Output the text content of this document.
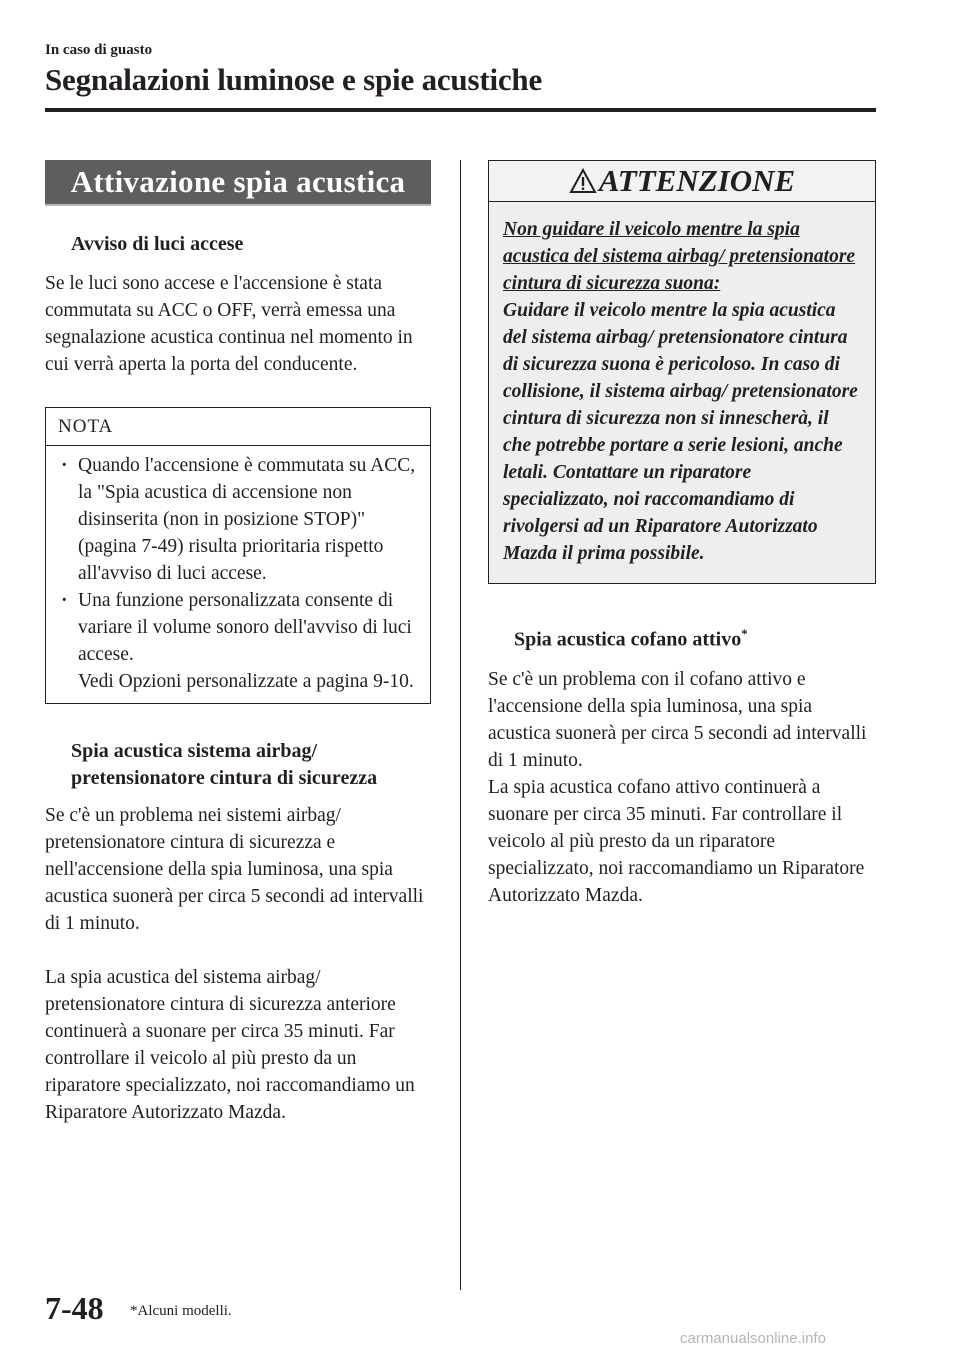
In caso di guasto
Segnalazioni luminose e spie acustiche
Attivazione spia acustica
Avviso di luci accese

Se le luci sono accese e l'accensione è stata commutata su ACC o OFF, verrà emessa una segnalazione acustica continua nel momento in cui verrà aperta la porta del conducente.

NOTA
· Quando l'accensione è commutata su ACC, la "Spia acustica di accensione non disinserita (non in posizione STOP)" (pagina 7-49) risulta prioritaria rispetto all'avviso di luci accese.
· Una funzione personalizzata consente di variare il volume sonoro dell'avviso di luci accese.
Vedi Opzioni personalizzate a pagina 9-10.
Spia acustica sistema airbag/
pretensionatore cintura di sicurezza

Se c'è un problema nei sistemi airbag/ pretensionatore cintura di sicurezza e nell'accensione della spia luminosa, una spia acustica suonerà per circa 5 secondi ad intervalli di 1 minuto.

La spia acustica del sistema airbag/ pretensionatore cintura di sicurezza anteriore continuerà a suonare per circa 35 minuti. Far controllare il veicolo al più presto da un riparatore specializzato, noi raccomandiamo un Riparatore Autorizzato Mazda.

ATTENZIONE
Non guidare il veicolo mentre la spia acustica del sistema airbag/ pretensionatore cintura di sicurezza suona:
Guidare il veicolo mentre la spia acustica del sistema airbag/ pretensionatore cintura di sicurezza suona è pericoloso. In caso di collisione, il sistema airbag/ pretensionatore cintura di sicurezza non si innescherà, il che potrebbe portare a serie lesioni, anche letali. Contattare un riparatore specializzato, noi raccomandiamo di rivolgersi ad un Riparatore Autorizzato Mazda il prima possibile.
Spia acustica cofano attivo*

Se c'è un problema con il cofano attivo e l'accensione della spia luminosa, una spia acustica suonerà per circa 5 secondi ad intervalli di 1 minuto.

La spia acustica cofano attivo continuerà a suonare per circa 35 minuti. Far controllare il veicolo al più presto da un riparatore specializzato, noi raccomandiamo un Riparatore Autorizzato Mazda.

7-48 *Alcuni modelli.
carmanualsonline.info
